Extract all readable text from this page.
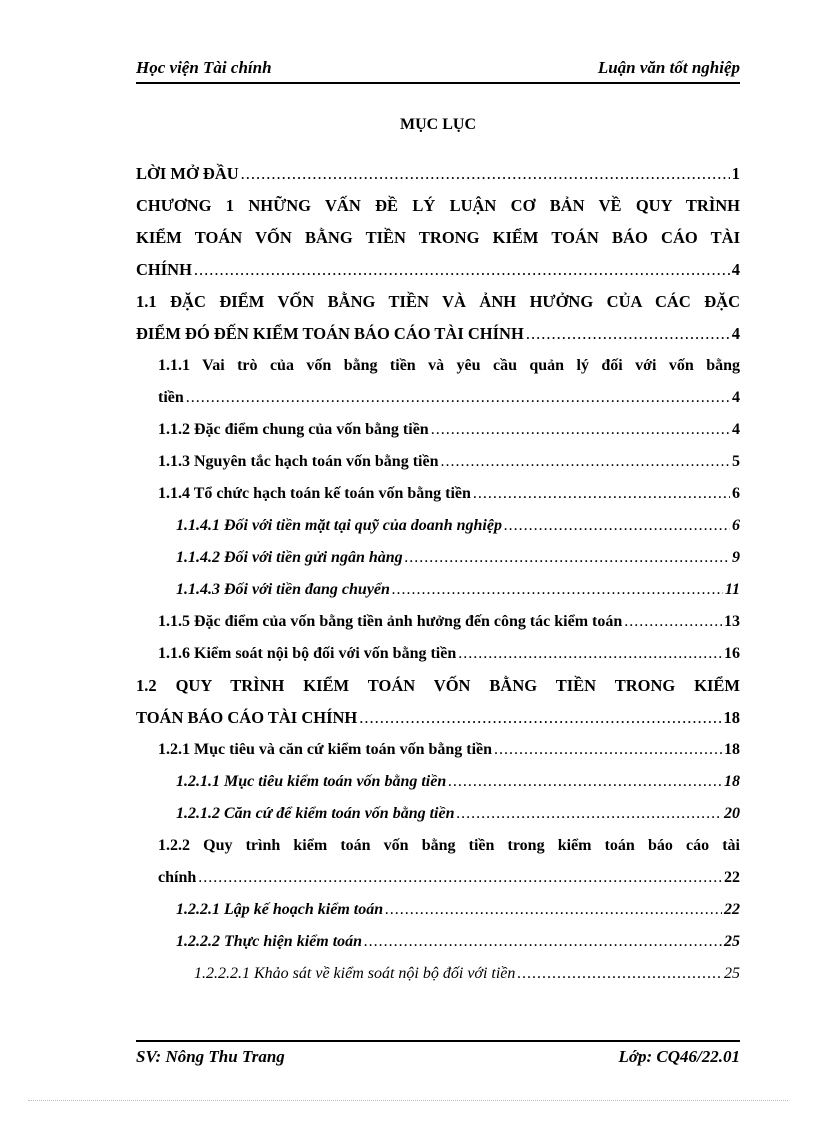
Học viện Tài chính	Luận văn tốt nghiệp
MỤC LỤC
LỜI MỞ ĐẦU .....	1
CHƯƠNG 1 NHỮNG VẤN ĐỀ LÝ LUẬN CƠ BẢN VỀ QUY TRÌNH
KIỂM TOÁN VỐN BẰNG TIỀN TRONG KIỂM TOÁN BÁO CÁO TÀI
CHÍNH .....	4
1.1 ĐẶC ĐIỂM VỐN BẰNG TIỀN VÀ ẢNH HƯỞNG CỦA CÁC ĐẶC
ĐIỂM ĐÓ ĐẾN KIỂM TOÁN BÁO CÁO TÀI CHÍNH .....	4
1.1.1 Vai trò của vốn bằng tiền và yêu cầu quản lý đối với vốn bằng
tiền .....	4
1.1.2 Đặc điểm chung của vốn bằng tiền .....	4
1.1.3 Nguyên tắc hạch toán vốn bằng tiền .....	5
1.1.4 Tổ chức hạch toán kế toán vốn bằng tiền .....	6
1.1.4.1 Đối với tiền mặt tại quỹ của doanh nghiệp .....	6
1.1.4.2 Đối với tiền gửi ngân hàng .....	9
1.1.4.3 Đối với tiền đang chuyển .....	11
1.1.5 Đặc điểm của vốn bằng tiền ảnh hưởng đến công tác kiểm toán .....	13
1.1.6 Kiểm soát nội bộ đối với vốn bằng tiền .....	16
1.2 QUY TRÌNH KIỂM TOÁN VỐN BẰNG TIỀN TRONG KIỂM
TOÁN BÁO CÁO TÀI CHÍNH .....	18
1.2.1 Mục tiêu và căn cứ kiểm toán vốn bằng tiền .....	18
1.2.1.1 Mục tiêu kiểm toán vốn bằng tiền .....	18
1.2.1.2 Căn cứ để kiểm toán vốn bằng tiền .....	20
1.2.2 Quy trình kiểm toán vốn bằng tiền trong kiểm toán báo cáo tài
chính .....	22
1.2.2.1 Lập kế hoạch kiểm toán .....	22
1.2.2.2 Thực hiện kiểm toán .....	25
1.2.2.2.1 Khảo sát về kiểm soát nội bộ đối với tiền .....	25
SV: Nông Thu Trang	Lớp: CQ46/22.01
